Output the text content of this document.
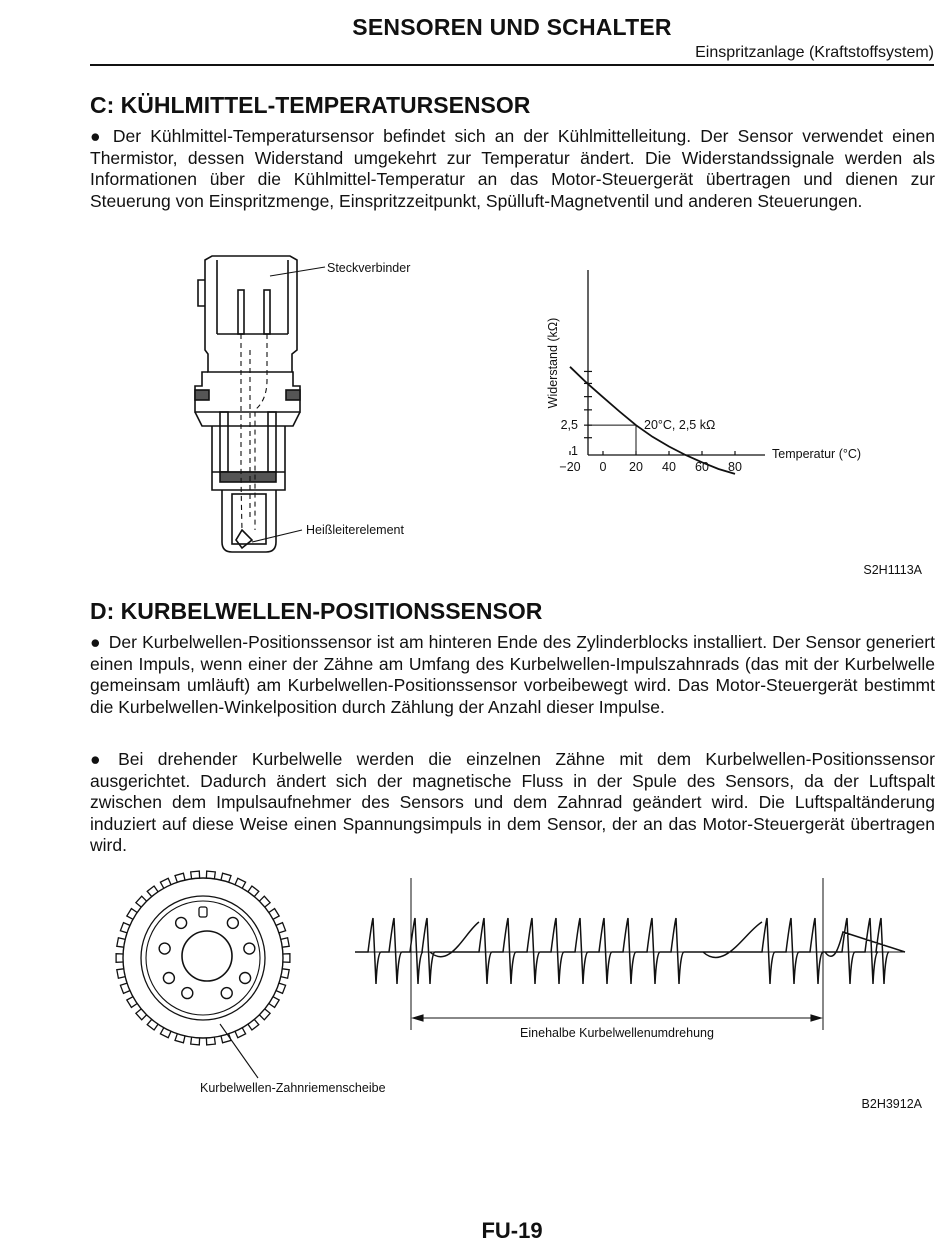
SENSOREN UND SCHALTER
Einspritzanlage (Kraftstoffsystem)
C: KÜHLMITTEL-TEMPERATURSENSOR

● Der Kühlmittel-Temperatursensor befindet sich an der Kühlmittelleitung. Der Sensor verwendet einen Thermistor, dessen Widerstand umgekehrt zur Temperatur ändert. Die Widerstandssignale werden als Informationen über die Kühlmittel-Temperatur an das Motor-Steuergerät übertragen und dienen zur Steuerung von Einspritzmenge, Einspritzzeitpunkt, Spülluft-Magnetventil und anderen Steuerungen.

Steckverbinder
Heißleiterelement
−20 0 20 40 60 80
1
2,5	20°C, 2,5 kΩ
Temperatur (°C)
Widerstand (kΩ)
S2H1113A
D: KURBELWELLEN-POSITIONSSENSOR

● Der Kurbelwellen-Positionssensor ist am hinteren Ende des Zylinderblocks installiert. Der Sensor generiert einen Impuls, wenn einer der Zähne am Umfang des Kurbelwellen-Impulszahnrads (das mit der Kurbelwelle gemeinsam umläuft) am Kurbelwellen-Positionssensor vorbeibewegt wird. Das Motor-Steuergerät bestimmt die Kurbelwellen-Winkelposition durch Zählung der Anzahl dieser Impulse.

● Bei drehender Kurbelwelle werden die einzelnen Zähne mit dem Kurbelwellen-Positionssensor ausgerichtet. Dadurch ändert sich der magnetische Fluss in der Spule des Sensors, da der Luftspalt zwischen dem Impulsaufnehmer des Sensors und dem Zahnrad geändert wird. Die Luftspaltänderung induziert auf diese Weise einen Spannungsimpuls in dem Sensor, der an das Motor-Steuergerät übertragen wird.

Kurbelwellen-Zahnriemenscheibe
Einehalbe Kurbelwellenumdrehung
B2H3912A
FU-19
